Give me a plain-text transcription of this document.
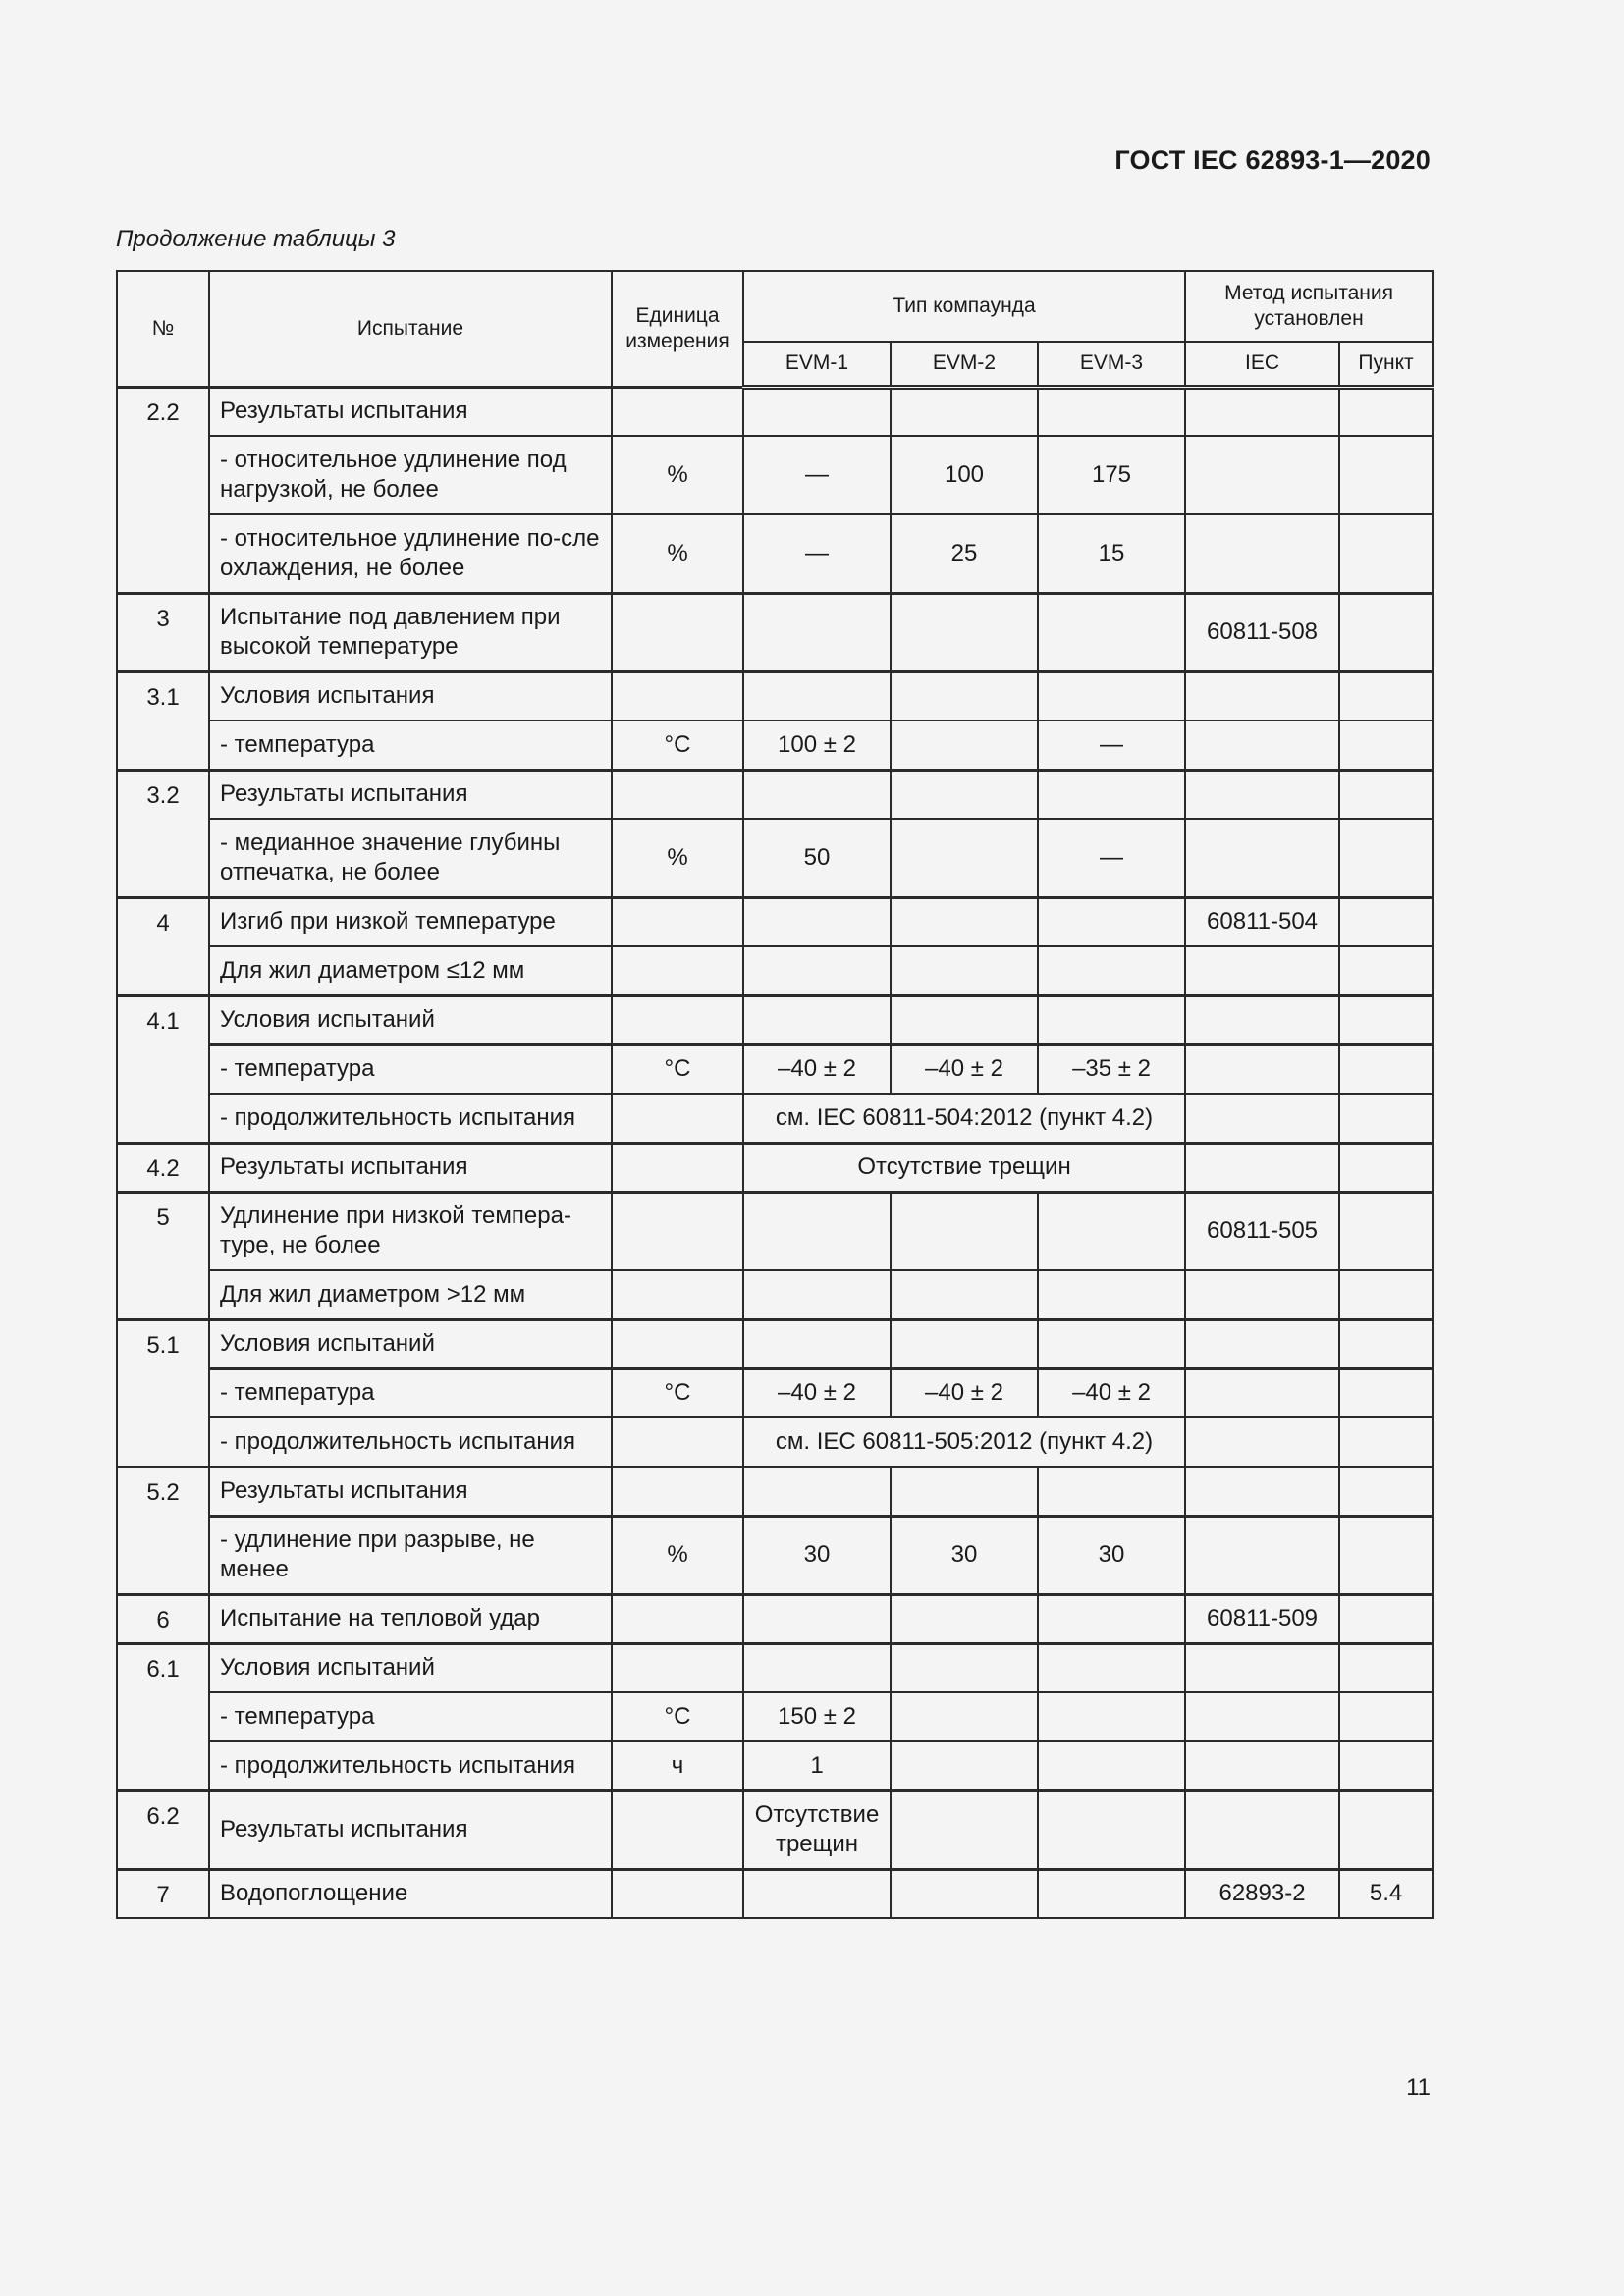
ГОСТ IEC 62893-1—2020
Продолжение таблицы 3
№	Испытание	Единица измерения	Тип компаунда			Метод испытания установлен	
			EVM-1	EVM-2	EVM-3	IEC	Пункт
2.2	Результаты испытания						
	- относительное удлинение под нагрузкой, не более	%	—	100	175		
	- относительное удлинение по-сле охлаждения, не более	%	—	25	15		
3	Испытание под давлением при высокой температуре					60811-508	
3.1	Условия испытания						
	- температура	°C	100 ± 2		—		
3.2	Результаты испытания						
	- медианное значение глубины отпечатка, не более	%	50		—		
4	Изгиб при низкой температуре					60811-504	
	Для жил диаметром ≤12 мм						
4.1	Условия испытаний						
	- температура	°C	–40 ± 2	–40 ± 2	–35 ± 2		
	- продолжительность испытания		см. IEC 60811-504:2012 (пункт 4.2)				
4.2	Результаты испытания		Отсутствие трещин				
5	Удлинение при низкой темпера-туре, не более					60811-505	
	Для жил диаметром >12 мм						
5.1	Условия испытаний						
	- температура	°C	–40 ± 2	–40 ± 2	–40 ± 2		
	- продолжительность испытания		см. IEC 60811-505:2012 (пункт 4.2)				
5.2	Результаты испытания						
	- удлинение при разрыве, не менее	%	30	30	30		
6	Испытание на тепловой удар					60811-509	
6.1	Условия испытаний						
	- температура	°C	150 ± 2				
	- продолжительность испытания	ч	1				
6.2	Результаты испытания		Отсутствие трещин				
7	Водопоглощение					62893-2	5.4
11
